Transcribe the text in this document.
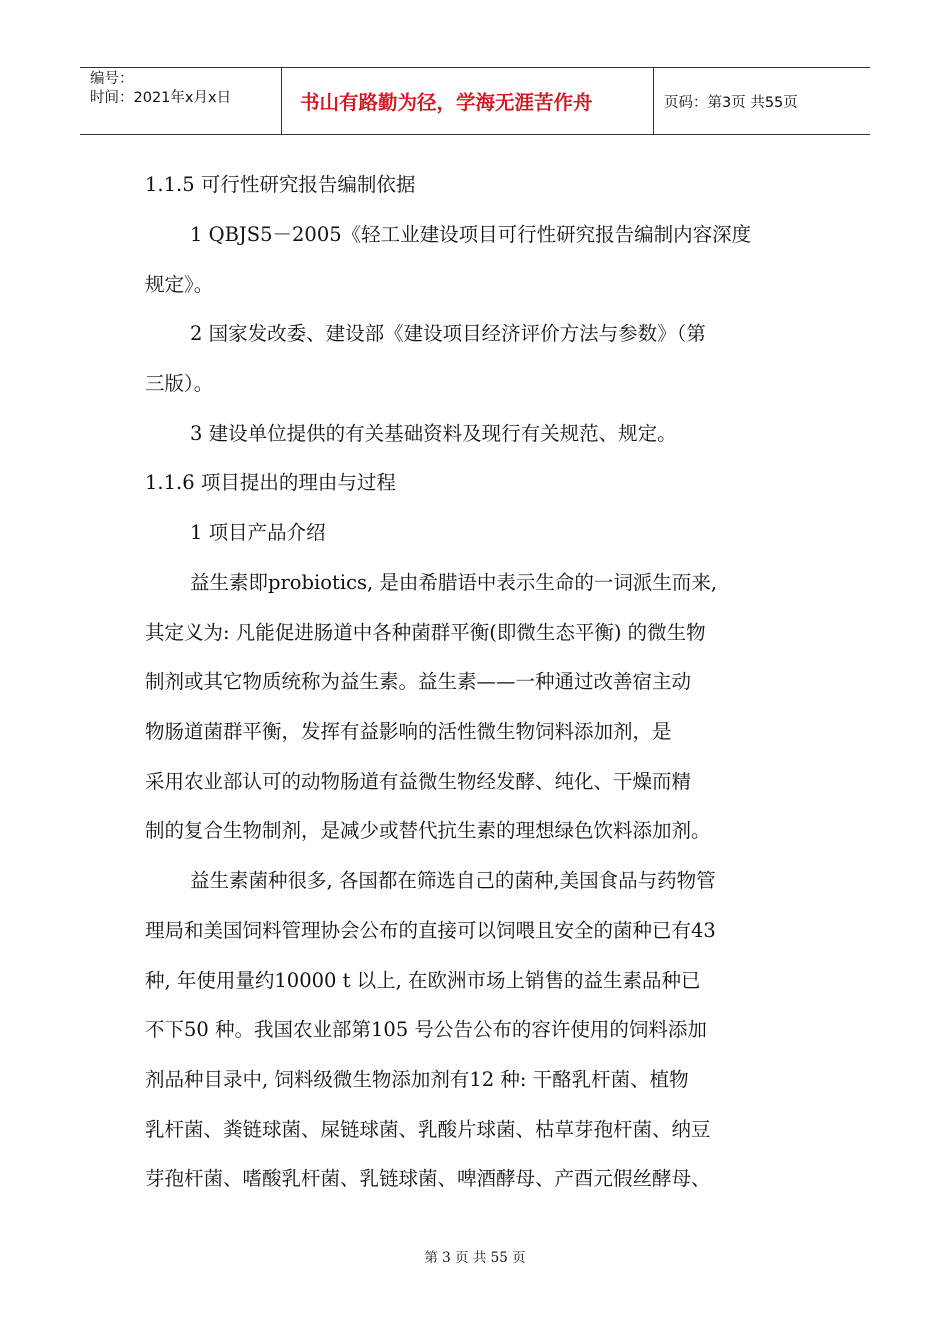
编号：
时间：2021年x月x日	书山有路勤为径，学海无涯苦作舟	页码：第3页 共55页
1.1.5 可行性研究报告编制依据
1 QBJS5－2005《轻工业建设项目可行性研究报告编制内容深度
规定》。
2 国家发改委、建设部《建设项目经济评价方法与参数》（第
三版）。
3 建设单位提供的有关基础资料及现行有关规范、规定。
1.1.6 项目提出的理由与过程
1 项目产品介绍
益生素即probiotics, 是由希腊语中表示生命的一词派生而来,
其定义为: 凡能促进肠道中各种菌群平衡(即微生态平衡) 的微生物
制剂或其它物质统称为益生素。益生素——一种通过改善宿主动
物肠道菌群平衡，发挥有益影响的活性微生物饲料添加剂，是
采用农业部认可的动物肠道有益微生物经发酵、纯化、干燥而精
制的复合生物制剂，是减少或替代抗生素的理想绿色饮料添加剂。
益生素菌种很多, 各国都在筛选自己的菌种,美国食品与药物管
理局和美国饲料管理协会公布的直接可以饲喂且安全的菌种已有43
种, 年使用量约10000 t 以上, 在欧洲市场上销售的益生素品种已
不下50 种。我国农业部第105 号公告公布的容许使用的饲料添加
剂品种目录中, 饲料级微生物添加剂有12 种: 干酪乳杆菌、植物
乳杆菌、粪链球菌、屎链球菌、乳酸片球菌、枯草芽孢杆菌、纳豆
芽孢杆菌、嗜酸乳杆菌、乳链球菌、啤酒酵母、产酉元假丝酵母、
第 3 页 共 55 页
